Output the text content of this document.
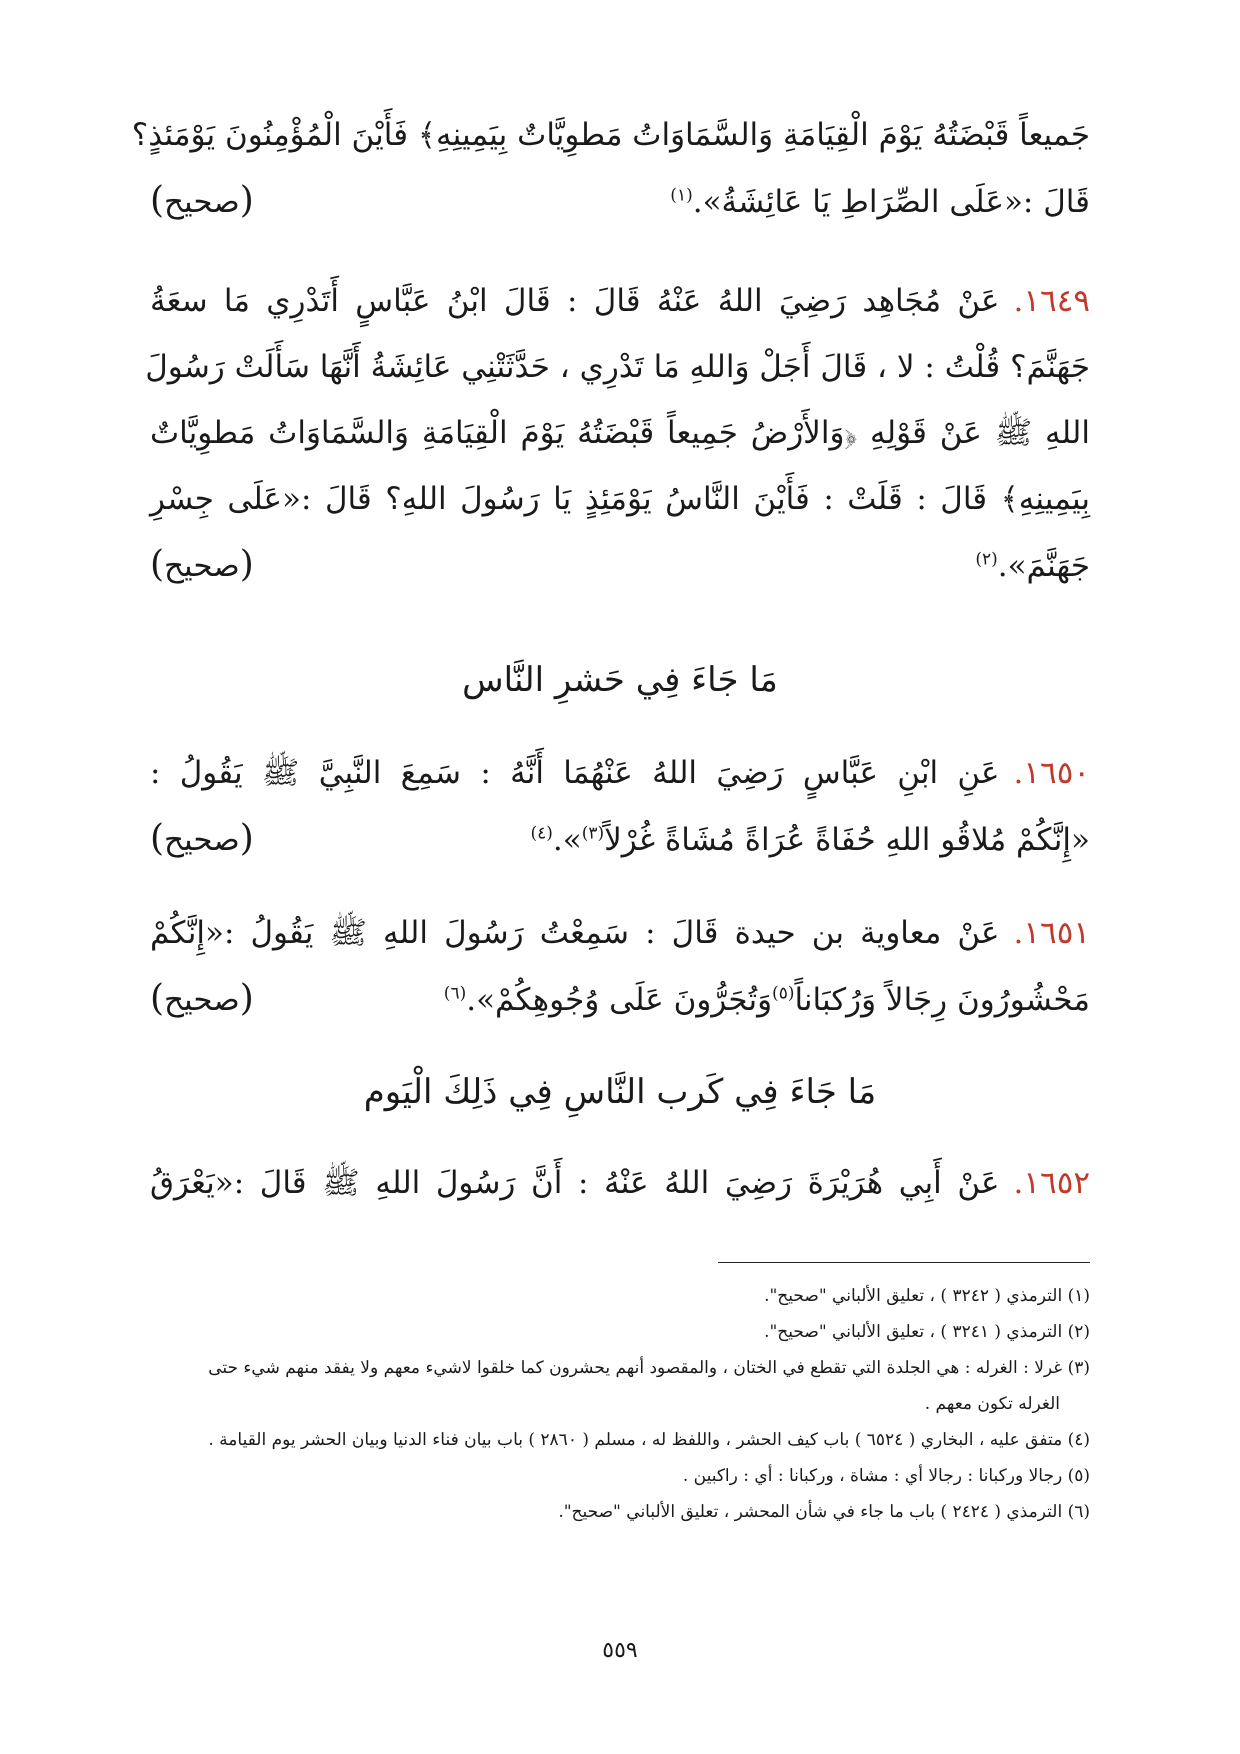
جَميعاً قَبْضَتُهُ يَوْمَ الْقِيَامَةِ وَالسَّمَاوَاتُ مَطوِيَّاتٌ بِيَمِينِهِ﴾ فَأَيْنَ الْمُؤْمِنُونَ يَوْمَئذٍ؟
قَالَ :«عَلَى الصِّرَاطِ يَا عَائِشَةُ».$^{(١)}$
(صحيح)
١٦٤٩.عَنْ مُجَاهِد رَضِيَ اللهُ عَنْهُ قَالَ : قَالَ ابْنُ عَبَّاسٍ أَتَدْرِي مَا سعَةُ
جَهَنَّمَ؟ قُلْتُ : لا ، قَالَ أَجَلْ وَاللهِ مَا تَدْرِي ، حَدَّثَتْنِي عَائِشَةُ أَنَّهَا سَأَلَتْ رَسُولَ
اللهِ ﷺ عَنْ قَوْلِهِ ﴿وَالأَرْضُ جَمِيعاً قَبْضَتُهُ يَوْمَ الْقِيَامَةِ وَالسَّمَاوَاتُ مَطوِيَّاتٌ
بِيَمِينِهِ﴾ قَالَ : قَلَتْ : فَأَيْنَ النَّاسُ يَوْمَئِذٍ يَا رَسُولَ اللهِ؟ قَالَ :«عَلَى جِسْرِ
جَهَنَّمَ».$^{(٢)}$
(صحيح)
مَا جَاءَ فِي حَشرِ النَّاس
١٦٥٠.عَنِ ابْنِ عَبَّاسٍ رَضِيَ اللهُ عَنْهُمَا أَنَّهُ : سَمِعَ النَّبِيَّ ﷺ يَقُولُ :
«إِنَّكُمْ مُلاقُو اللهِ حُفَاةً عُرَاةً مُشَاةً غُرْلاً$^{(٣)}$».$^{(٤)}$
(صحيح)
١٦٥١.عَنْ معاوية بن حيدة قَالَ : سَمِعْتُ رَسُولَ اللهِ ﷺ يَقُولُ :«إِنَّكُمْ
مَحْشُورُونَ رِجَالاً وَرُكبَاناً$^{(٥)}$وَتُجَرُّونَ عَلَى وُجُوهِكُمْ».$^{(٦)}$
(صحيح)
مَا جَاءَ فِي كَرب النَّاسِ فِي ذَلِكَ الْيَوم
١٦٥٢.عَنْ أَبِي هُرَيْرَةَ رَضِيَ اللهُ عَنْهُ : أَنَّ رَسُولَ اللهِ ﷺ قَالَ :«يَعْرَقُ
(١) الترمذي ( ٣٢٤٢ ) ، تعليق الألباني "صحيح".
(٢) الترمذي ( ٣٢٤١ ) ، تعليق الألباني "صحيح".
(٣) غرلا : الغرله : هي الجلدة التي تقطع في الختان ، والمقصود أنهم يحشرون كما خلقوا لاشيء معهم ولا يفقد منهم شيء حتى
الغرله تكون معهم .
(٤) متفق عليه ، البخاري ( ٦٥٢٤ ) باب كيف الحشر ، واللفظ له ، مسلم ( ٢٨٦٠ ) باب بيان فناء الدنيا وبيان الحشر يوم القيامة .
(٥) رجالا وركبانا : رجالا أي : مشاة ، وركبانا : أي : راكبين .
(٦) الترمذي ( ٢٤٢٤ ) باب ما جاء في شأن المحشر ، تعليق الألباني "صحيح".
٥٥٩
